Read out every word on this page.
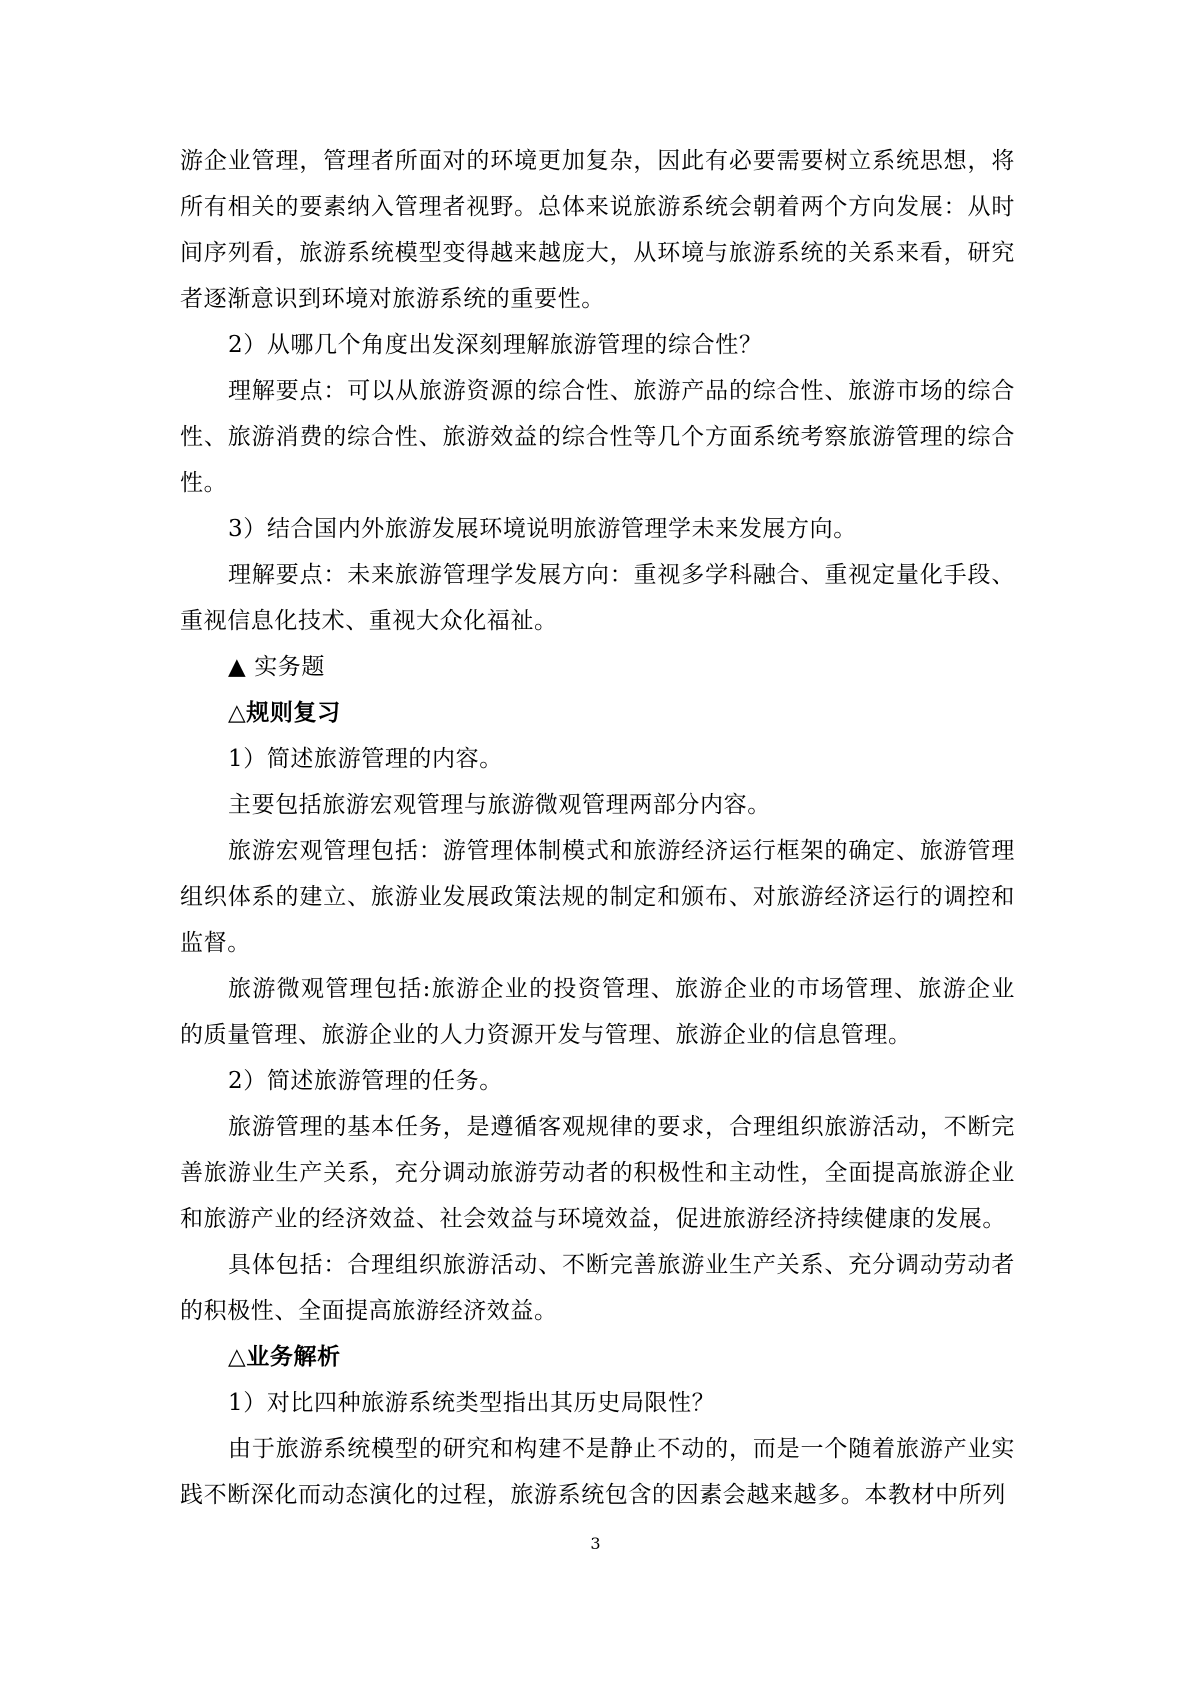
游企业管理，管理者所面对的环境更加复杂，因此有必要需要树立系统思想，将所有相关的要素纳入管理者视野。总体来说旅游系统会朝着两个方向发展：从时间序列看，旅游系统模型变得越来越庞大，从环境与旅游系统的关系来看，研究者逐渐意识到环境对旅游系统的重要性。

2）从哪几个角度出发深刻理解旅游管理的综合性？

理解要点：可以从旅游资源的综合性、旅游产品的综合性、旅游市场的综合性、旅游消费的综合性、旅游效益的综合性等几个方面系统考察旅游管理的综合性。

3）结合国内外旅游发展环境说明旅游管理学未来发展方向。

理解要点：未来旅游管理学发展方向：重视多学科融合、重视定量化手段、重视信息化技术、重视大众化福祉。

▲ 实务题

△规则复习

1）简述旅游管理的内容。

主要包括旅游宏观管理与旅游微观管理两部分内容。

旅游宏观管理包括：游管理体制模式和旅游经济运行框架的确定、旅游管理组织体系的建立、旅游业发展政策法规的制定和颁布、对旅游经济运行的调控和监督。

旅游微观管理包括:旅游企业的投资管理、旅游企业的市场管理、旅游企业的质量管理、旅游企业的人力资源开发与管理、旅游企业的信息管理。

2）简述旅游管理的任务。

旅游管理的基本任务，是遵循客观规律的要求，合理组织旅游活动，不断完善旅游业生产关系，充分调动旅游劳动者的积极性和主动性，全面提高旅游企业和旅游产业的经济效益、社会效益与环境效益，促进旅游经济持续健康的发展。

具体包括：合理组织旅游活动、不断完善旅游业生产关系、充分调动劳动者的积极性、全面提高旅游经济效益。

△业务解析

1）对比四种旅游系统类型指出其历史局限性？

由于旅游系统模型的研究和构建不是静止不动的，而是一个随着旅游产业实践不断深化而动态演化的过程，旅游系统包含的因素会越来越多。本教材中所列

3
